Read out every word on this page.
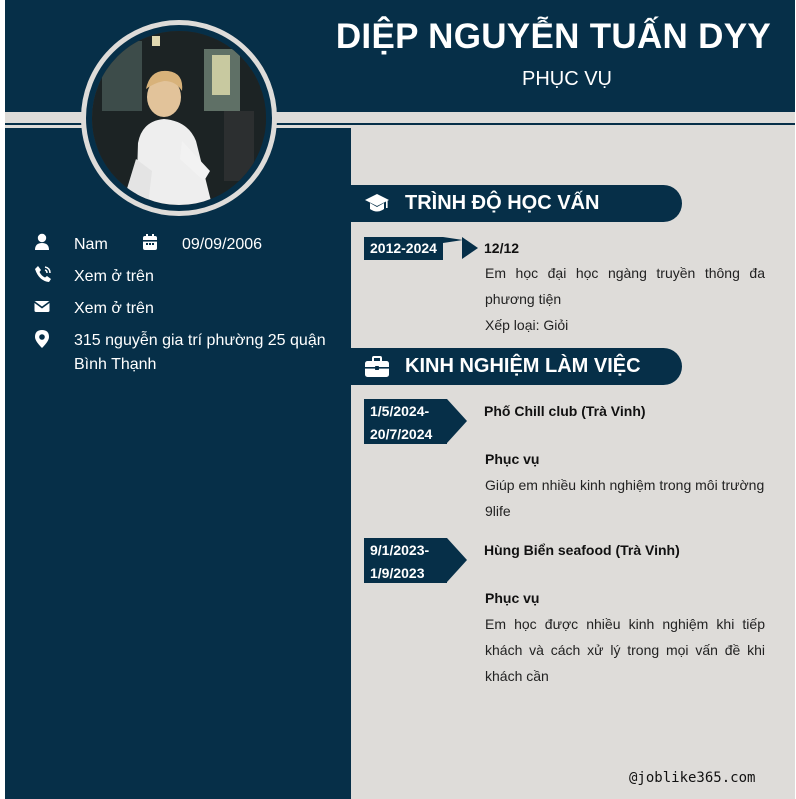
DIỆP NGUYỄN TUẤN DYY
PHỤC VỤ
Nam	09/09/2006
Xem ở trên
Xem ở trên
315 nguyễn gia trí phường 25 quận
Bình Thạnh
TRÌNH ĐỘ HỌC VẤN
2012-2024	12/12
Em học đại học ngàng truyền thông đa
phương tiện
Xếp loại: Giỏi
KINH NGHIỆM LÀM VIỆC
1/5/2024-
20/7/2024
Phố Chill club (Trà Vinh)
Phục vụ
Giúp em nhiều kinh nghiệm trong môi trường
9life
9/1/2023-
1/9/2023
Hùng Biển seafood (Trà Vinh)
Phục vụ
Em học được nhiều kinh nghiệm khi tiếp
khách và cách xử lý trong mọi vấn đề khi
khách cần
@joblike365.com
